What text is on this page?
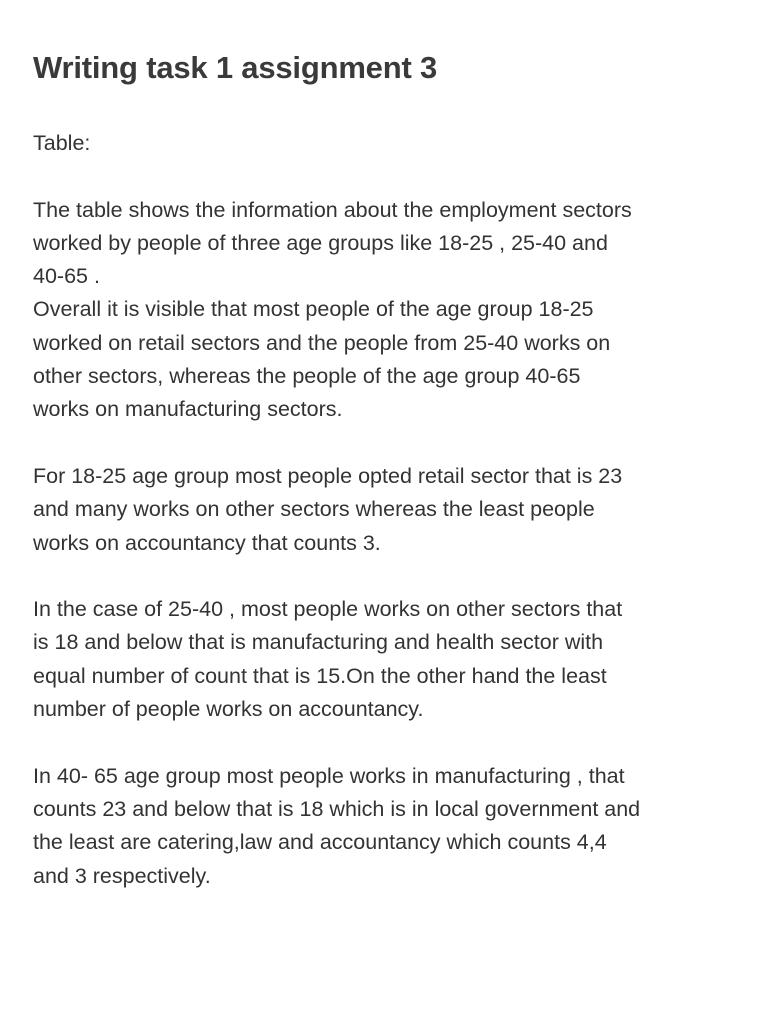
Writing task 1 assignment 3

Table:

The table shows the information about the employment sectors
worked by people of three age groups like 18-25 , 25-40 and
40-65 .

Overall it is visible that most people of the age group 18-25
worked on retail sectors and the people from 25-40 works on
other sectors, whereas the people of the age group 40-65
works on manufacturing sectors.

For 18-25 age group most people opted retail sector that is 23
and many works on other sectors whereas the least people
works on accountancy that counts 3.

In the case of 25-40 , most people works on other sectors that
is 18 and below that is manufacturing and health sector with
equal number of count that is 15.On the other hand the least
number of people works on accountancy.

In 40- 65 age group most people works in manufacturing , that
counts 23 and below that is 18 which is in local government and
the least are catering,law and accountancy which counts 4,4
and 3 respectively.
